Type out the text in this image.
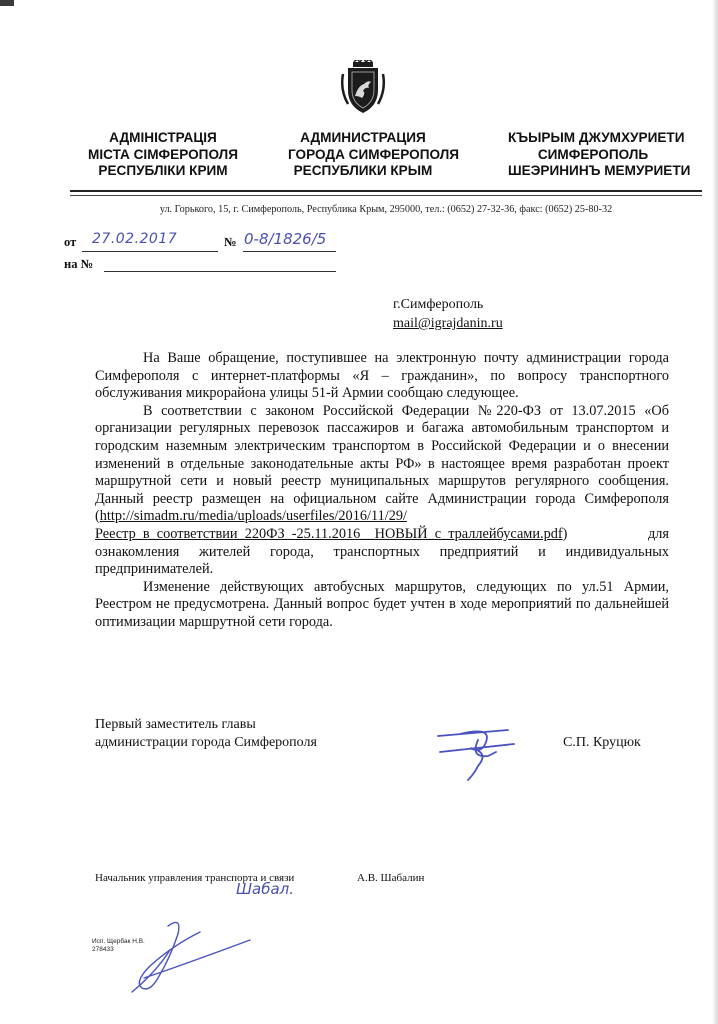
АДМІНІСТРАЦІЯ
МІСТА СІМФЕРОПОЛЯ
РЕСПУБЛІКИ КРИМ
АДМИНИСТРАЦИЯ
ГОРОДА СИМФЕРОПОЛЯ
РЕСПУБЛИКИ КРЫМ
КЪЫРЫМ ДЖУМХУРИЕТИ
СИМФЕРОПОЛЬ
ШЕЭРИНИНЪ МЕМУРИЕТИ
ул. Горького, 15, г. Симферополь, Республика Крым, 295000, тел.: (0652) 27-32-36, факс: (0652) 25-80-32
от 27.02.2017	№ 0-8/1826/5
на №
г.Симферополь
mail@igrajdanin.ru

На Ваше обращение, поступившее на электронную почту администрации города Симферополя с интернет-платформы «Я – гражданин», по вопросу транспортного обслуживания микрорайона улицы 51-й Армии сообщаю следующее.

В соответствии с законом Российской Федерации №220-ФЗ от 13.07.2015 «Об организации регулярных перевозок пассажиров и багажа автомобильным транспортом и городским наземным электрическим транспортом в Российской Федерации и о внесении изменений в отдельные законодательные акты РФ» в настоящее время разработан проект маршрутной сети и новый реестр муниципальных маршрутов регулярного сообщения. Данный реестр размещен на официальном сайте Администрации города Симферополя (http://simadm.ru/media/uploads/userfiles/2016/11/29/Реестр_в_соответствии_220ФЗ_-25.11.2016__НОВЫЙ_с_траллейбусами.pdf) для ознакомления жителей города, транспортных предприятий и индивидуальных предпринимателей.

Изменение действующих автобусных маршрутов, следующих по ул.51 Армии, Реестром не предусмотрена. Данный вопрос будет учтен в ходе мероприятий по дальнейшей оптимизации маршрутной сети города.

Первый заместитель главы
администрации города Симферополя	С.П. Круцюк
Начальник управления транспорта и связи
Шабал.
А.В. Шабалин
Исп. Щербак Н.В.
278433
